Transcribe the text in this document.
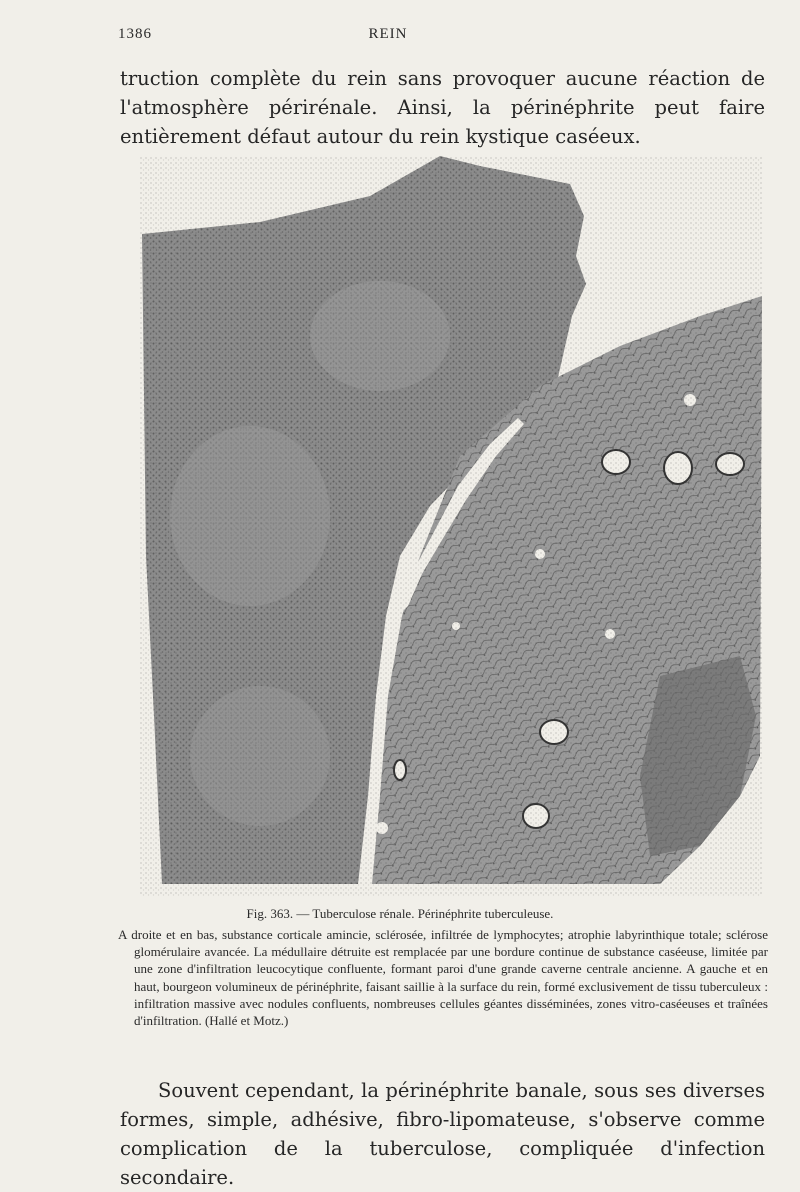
1386	REIN

truction complète du rein sans provoquer aucune réaction de l'atmosphère périrénale. Ainsi, la périnéphrite peut faire entièrement défaut autour du rein kystique caséeux.

Fig. 363. — Tuberculose rénale. Périnéphrite tuberculeuse.

A droite et en bas, substance corticale amincie, sclérosée, infiltrée de lymphocytes; atrophie labyrinthique totale; sclérose glomérulaire avancée. La médullaire détruite est remplacée par une bordure continue de substance caséeuse, limitée par une zone d'infiltration leucocytique confluente, formant paroi d'une grande caverne centrale ancienne. A gauche et en haut, bourgeon volumineux de périnéphrite, faisant saillie à la surface du rein, formé exclusivement de tissu tuberculeux : infiltration massive avec nodules confluents, nombreuses cellules géantes disséminées, zones vitro-caséeuses et traînées d'infiltration. (Hallé et Motz.)

Souvent cependant, la périnéphrite banale, sous ses diverses formes, simple, adhésive, fibro-lipomateuse, s'observe comme complication de la tuberculose, compliquée d'infection secondaire.
